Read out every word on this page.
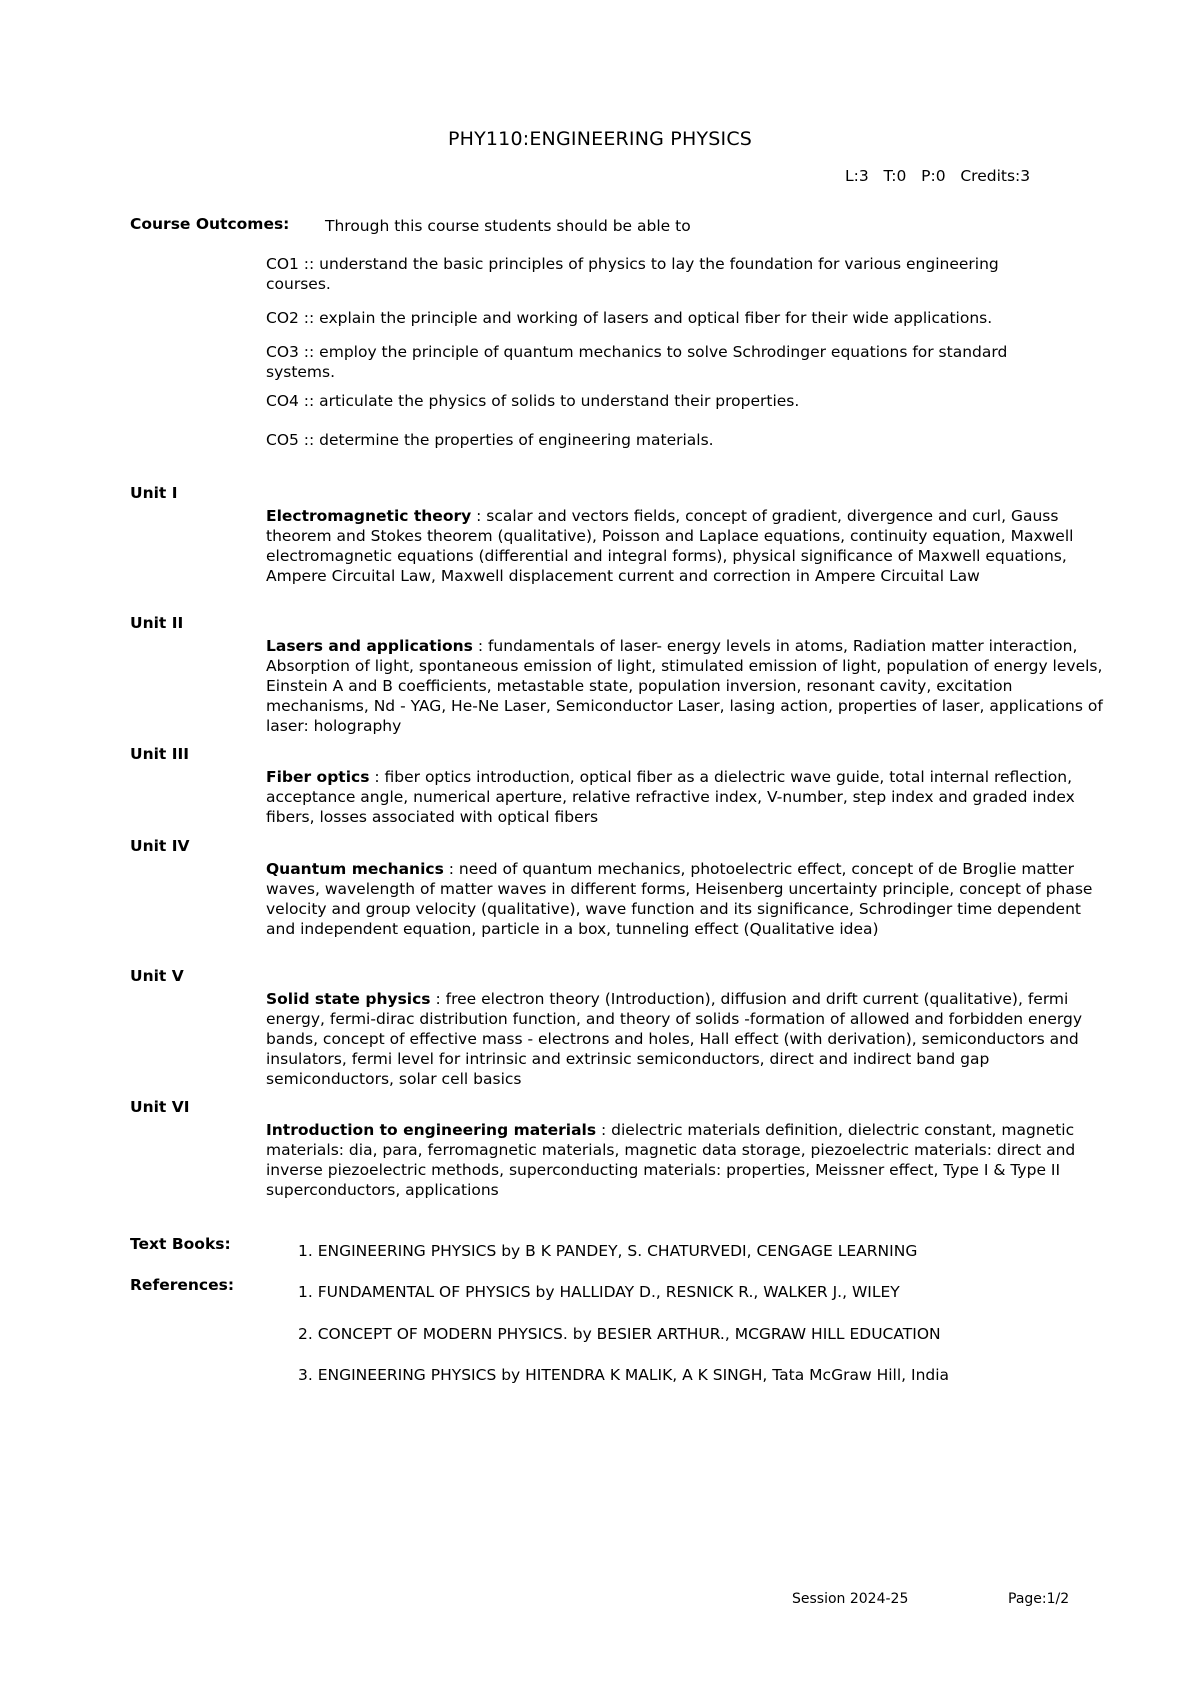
PHY110:ENGINEERING PHYSICS
L:3   T:0   P:0   Credits:3
Course Outcomes: Through this course students should be able to
CO1 :: understand the basic principles of physics to lay the foundation for various engineering courses.
CO2 :: explain the principle and working of lasers and optical fiber for their wide applications.
CO3 :: employ the principle of quantum mechanics to solve Schrodinger equations for standard systems.
CO4 :: articulate the physics of solids to understand their properties.
CO5 :: determine the properties of engineering materials.
Unit I
Electromagnetic theory : scalar and vectors fields, concept of gradient, divergence and curl, Gauss theorem and Stokes theorem (qualitative), Poisson and Laplace equations, continuity equation, Maxwell electromagnetic equations (differential and integral forms), physical significance of Maxwell equations, Ampere Circuital Law, Maxwell displacement current and correction in Ampere Circuital Law
Unit II
Lasers and applications : fundamentals of laser- energy levels in atoms, Radiation matter interaction, Absorption of light, spontaneous emission of light, stimulated emission of light, population of energy levels, Einstein A and B coefficients, metastable state, population inversion, resonant cavity, excitation mechanisms, Nd - YAG, He-Ne Laser, Semiconductor Laser, lasing action, properties of laser, applications of laser: holography
Unit III
Fiber optics : fiber optics introduction, optical fiber as a dielectric wave guide, total internal reflection, acceptance angle, numerical aperture, relative refractive index, V-number, step index and graded index fibers, losses associated with optical fibers
Unit IV
Quantum mechanics : need of quantum mechanics, photoelectric effect, concept of de Broglie matter waves, wavelength of matter waves in different forms, Heisenberg uncertainty principle, concept of phase velocity and group velocity (qualitative), wave function and its significance, Schrodinger time dependent and independent equation, particle in a box, tunneling effect (Qualitative idea)
Unit V
Solid state physics : free electron theory (Introduction), diffusion and drift current (qualitative), fermi energy, fermi-dirac distribution function, and theory of solids -formation of allowed and forbidden energy bands, concept of effective mass - electrons and holes, Hall effect (with derivation), semiconductors and insulators, fermi level for intrinsic and extrinsic semiconductors, direct and indirect band gap semiconductors, solar cell basics
Unit VI
Introduction to engineering materials : dielectric materials definition, dielectric constant, magnetic materials: dia, para, ferromagnetic materials, magnetic data storage, piezoelectric materials: direct and inverse piezoelectric methods, superconducting materials: properties, Meissner effect, Type I & Type II superconductors, applications
Text Books:	1. ENGINEERING PHYSICS by B K PANDEY, S. CHATURVEDI, CENGAGE LEARNING
References:	1. FUNDAMENTAL OF PHYSICS by HALLIDAY D., RESNICK R., WALKER J., WILEY
2. CONCEPT OF MODERN PHYSICS. by BESIER ARTHUR., MCGRAW HILL EDUCATION
3. ENGINEERING PHYSICS by HITENDRA K MALIK, A K SINGH, Tata McGraw Hill, India
Session 2024-25	Page:1/2
